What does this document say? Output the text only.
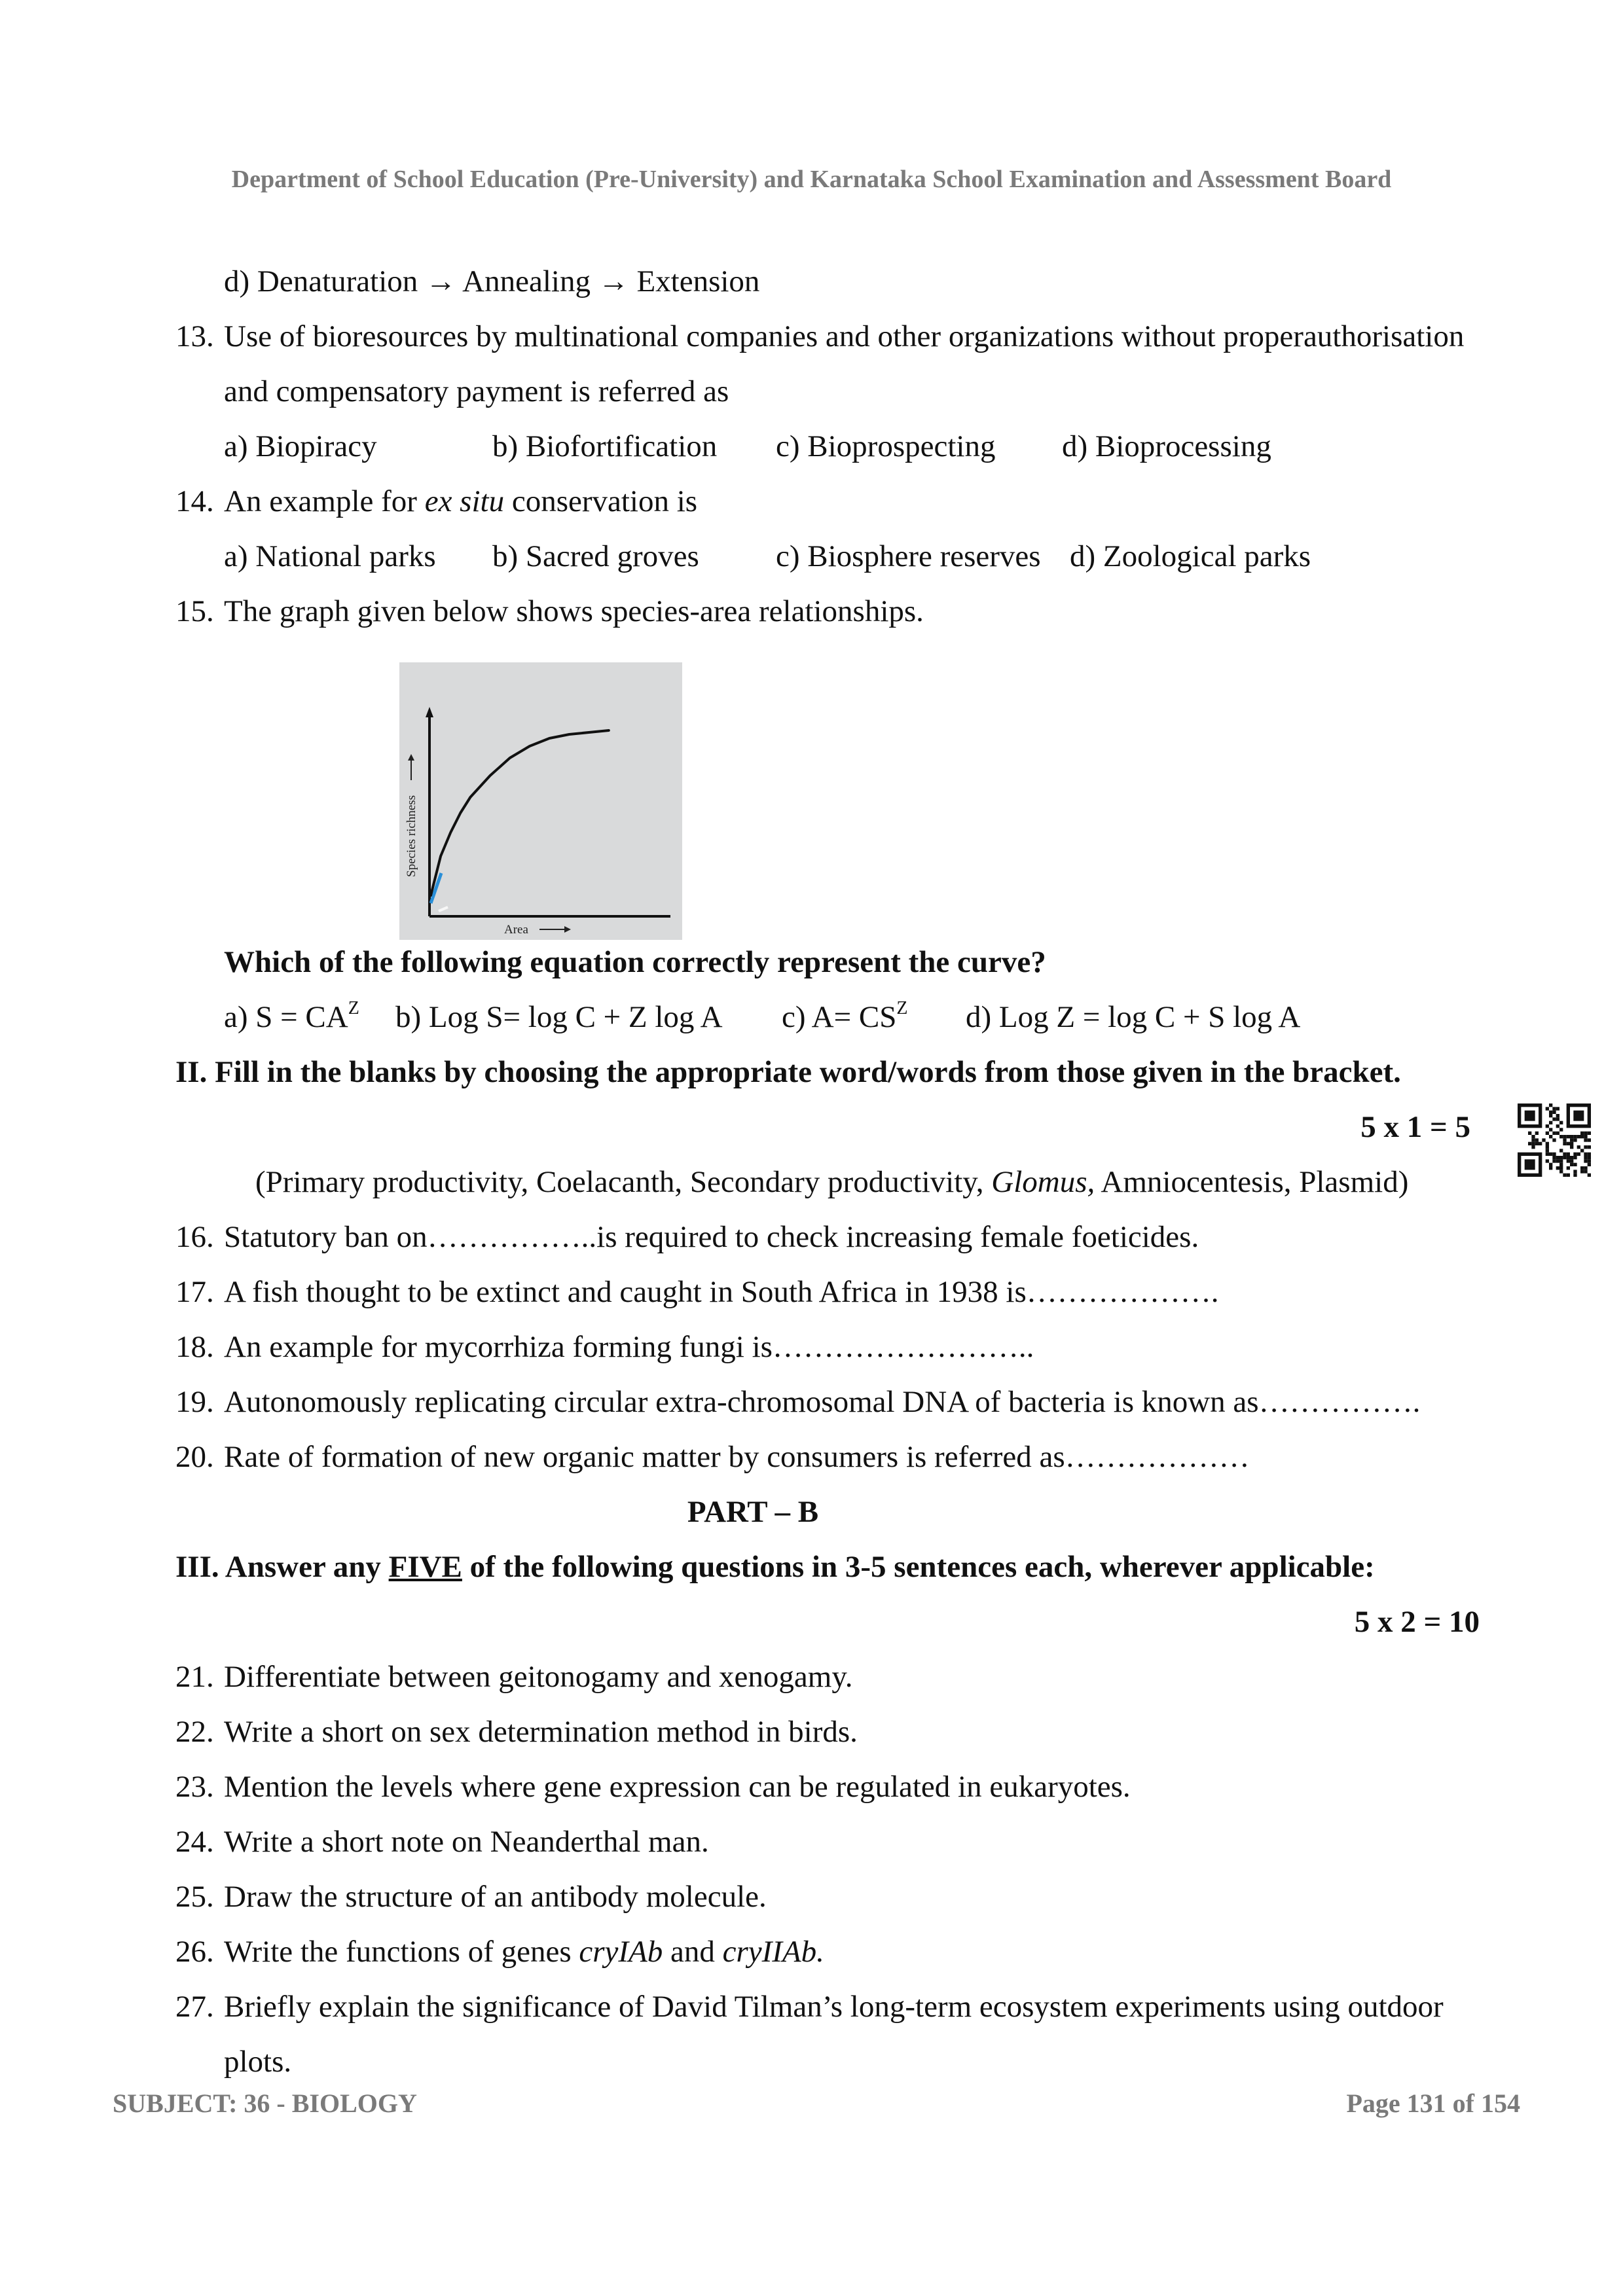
Department of School Education (Pre-University) and Karnataka School Examination and Assessment Board
d) Denaturation → Annealing → Extension
13. Use of bioresources by multinational companies and other organizations without properauthorisation
and compensatory payment is referred as
a) Biopiracy	b) Biofortification c) Bioprospecting d) Bioprocessing
14. An example for ex situ conservation is
a) National parks b) Sacred groves c) Biosphere reserves d) Zoological parks
15. The graph given below shows species-area relationships.
Area
Species richness
Which of the following equation correctly represent the curve?
a) $S = CA^Z$ b) Log S= log C + Z log A c) $A= CS^Z$ d) Log Z = log C + S log A
II. Fill in the blanks by choosing the appropriate word/words from those given in the bracket.
5 x 1 = 5
(Primary productivity, Coelacanth, Secondary productivity, Glomus, Amniocentesis, Plasmid)
16. Statutory ban on……………..is required to check increasing female foeticides.
17. A fish thought to be extinct and caught in South Africa in 1938 is……………….
18. An example for mycorrhiza forming fungi is……………………..
19. Autonomously replicating circular extra-chromosomal DNA of bacteria is known as…………….
20. Rate of formation of new organic matter by consumers is referred as………………
PART – B
III. Answer any FIVE of the following questions in 3-5 sentences each, wherever applicable:
5 x 2 = 10
21. Differentiate between geitonogamy and xenogamy.
22. Write a short on sex determination method in birds.
23. Mention the levels where gene expression can be regulated in eukaryotes.
24. Write a short note on Neanderthal man.
25. Draw the structure of an antibody molecule.
26. Write the functions of genes cryIAb and cryIIAb.
27. Briefly explain the significance of David Tilman’s long-term ecosystem experiments using outdoor
plots.
SUBJECT: 36 - BIOLOGY	Page 131 of 154
